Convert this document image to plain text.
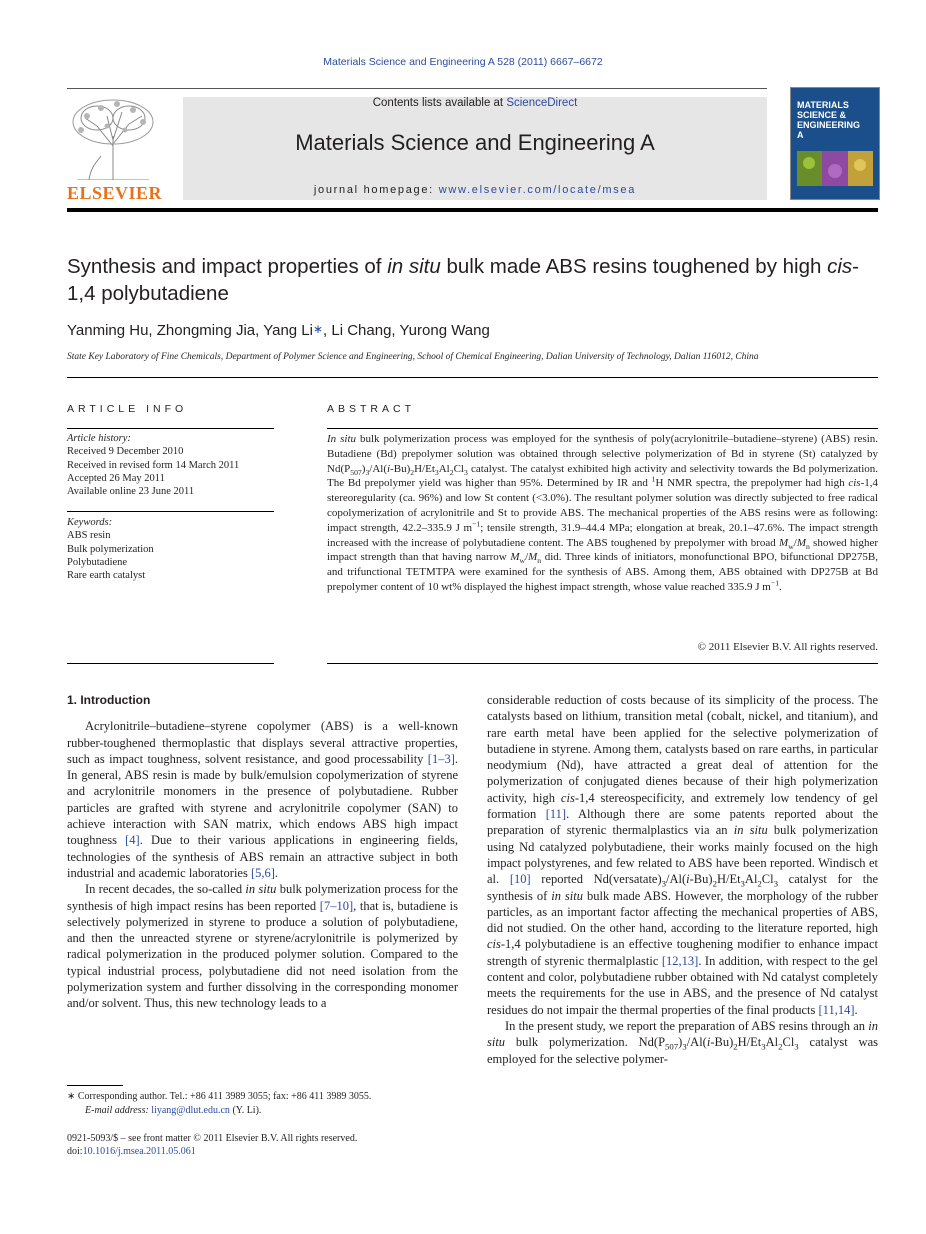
Materials Science and Engineering A 528 (2011) 6667–6672
ELSEVIER
Contents lists available at ScienceDirect
Materials Science and Engineering A
journal homepage: www.elsevier.com/locate/msea
MATERIALS
SCIENCE &
ENGINEERING
A
Synthesis and impact properties of in situ bulk made ABS resins toughened by high cis-1,4 polybutadiene
Yanming Hu, Zhongming Jia, Yang Li∗, Li Chang, Yurong Wang
State Key Laboratory of Fine Chemicals, Department of Polymer Science and Engineering, School of Chemical Engineering, Dalian University of Technology, Dalian 116012, China
ARTICLE INFO
Article history:
Received 9 December 2010
Received in revised form 14 March 2011
Accepted 26 May 2011
Available online 23 June 2011
Keywords:
ABS resin
Bulk polymerization
Polybutadiene
Rare earth catalyst
ABSTRACT

In situ bulk polymerization process was employed for the synthesis of poly(acrylonitrile–butadiene–styrene) (ABS) resin. Butadiene (Bd) prepolymer solution was obtained through selective polymerization of Bd in styrene (St) catalyzed by $Nd(P_{507})_3/Al(i-Bu)_2H/Et_3Al_2Cl_3$ catalyst. The catalyst exhibited high activity and selectivity towards the Bd polymerization. The Bd prepolymer yield was higher than 95%. Determined by IR and $^1$H NMR spectra, the prepolymer had high cis-1,4 stereoregularity (ca. 96%) and low St content (<3.0%). The resultant polymer solution was directly subjected to free radical copolymerization of acrylonitrile and St to provide ABS. The mechanical properties of the ABS resins were as following: impact strength, 42.2–335.9 J $m^{-1}$; tensile strength, 31.9–44.4 MPa; elongation at break, 20.1–47.6%. The impact strength increased with the increase of polybutadiene content. The ABS toughened by prepolymer with broad $M_w/M_n$ showed higher impact strength than that having narrow $M_w/M_n$ did. Three kinds of initiators, monofunctional BPO, bifunctional DP275B, and trifunctional TETMTPA were examined for the synthesis of ABS. Among them, ABS obtained with DP275B at Bd prepolymer content of 10 wt% displayed the highest impact strength, whose value reached 335.9 J $m^{-1}$.

© 2011 Elsevier B.V. All rights reserved.
1. Introduction

Acrylonitrile–butadiene–styrene copolymer (ABS) is a well-known rubber-toughened thermoplastic that displays several attractive properties, such as impact toughness, solvent resistance, and good processability [1–3]. In general, ABS resin is made by bulk/emulsion copolymerization of styrene and acrylonitrile monomers in the presence of polybutadiene. Rubber particles are grafted with styrene and acrylonitrile copolymer (SAN) to achieve interaction with SAN matrix, which endows ABS high impact toughness [4]. Due to their various applications in engineering fields, technologies of the synthesis of ABS remain an attractive subject in both industrial and academic laboratories [5,6].

In recent decades, the so-called in situ bulk polymerization process for the synthesis of high impact resins has been reported [7–10], that is, butadiene is selectively polymerized in styrene to produce a solution of polybutadiene, and then the unreacted styrene or styrene/acrylonitrile is polymerized by radical polymerization in the produced polymer solution. Compared to the typical industrial process, polybutadiene did not need isolation from the polymerization system and further dissolving in the corresponding monomer and/or solvent. Thus, this new technology leads to a

∗ Corresponding author. Tel.: +86 411 3989 3055; fax: +86 411 3989 3055.
E-mail address: liyang@dlut.edu.cn (Y. Li).
0921-5093/$ – see front matter © 2011 Elsevier B.V. All rights reserved.
doi:10.1016/j.msea.2011.05.061

considerable reduction of costs because of its simplicity of the process. The catalysts based on lithium, transition metal (cobalt, nickel, and titanium), and rare earth metal have been applied for the selective polymerization of butadiene in styrene. Among them, catalysts based on rare earths, in particular neodymium (Nd), have attracted a great deal of attention for the polymerization of conjugated dienes because of their high polymerization activity, high cis-1,4 stereospecificity, and extremely low tendency of gel formation [11]. Although there are some patents reported about the preparation of styrenic thermalplastics via an in situ bulk polymerization using Nd catalyzed polybutadiene, their works mainly focused on the high impact polystyrenes, and few related to ABS have been reported. Windisch et al. [10] reported $Nd(versatate)_3/Al(i-Bu)_2H/Et_3Al_2Cl_3$ catalyst for the synthesis of in situ bulk made ABS. However, the morphology of the rubber particles, as an important factor affecting the mechanical properties of ABS, did not studied. On the other hand, according to the literature reported, high cis-1,4 polybutadiene is an effective toughening modifier to enhance impact strength of styrenic thermalplastic [12,13]. In addition, with respect to the gel content and color, polybutadiene rubber obtained with Nd catalyst completely meets the requirements for the use in ABS, and the presence of Nd catalyst residues do not impair the thermal properties of the final products [11,14].

In the present study, we report the preparation of ABS resins through an in situ bulk polymerization. $Nd(P_{507})_3/Al(i-Bu)_2H/Et_3Al_2Cl_3$ catalyst was employed for the selective polymer-
